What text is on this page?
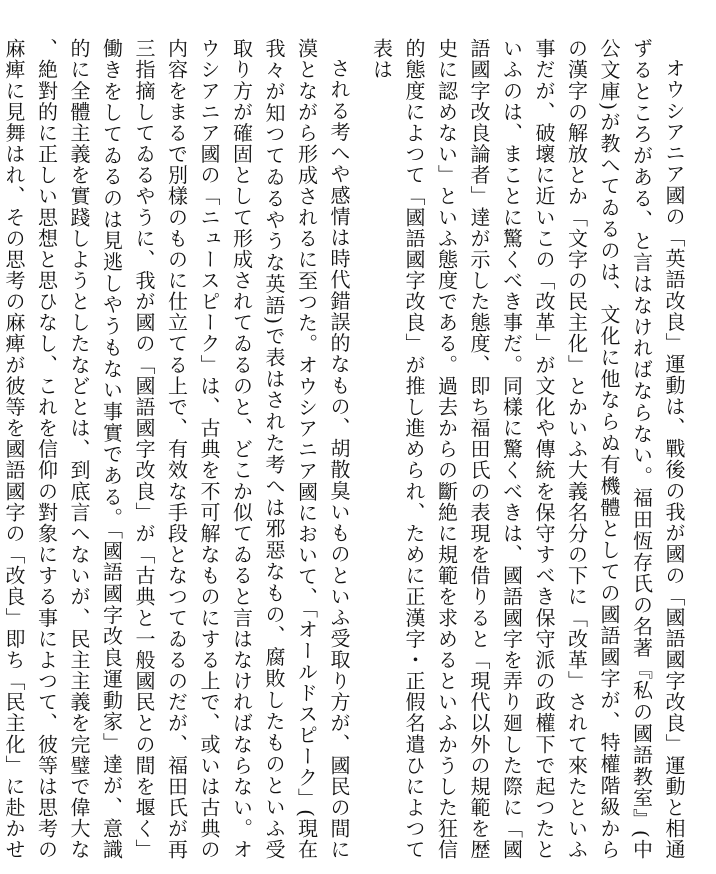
オウシアニア國の「英語改良」運動は、戰後の我が國の「國語國字改良」運動と相通ずるところがある、と言はなければならない。福田恆存氏の名著『私の國語教室』(中公文庫)が教へてゐるのは、文化に他ならぬ有機體としての國語國字が、特權階級からの漢字の解放とか「文字の民主化」とかいふ大義名分の下に「改革」されて來たといふ事だが、破壞に近いこの「改革」が文化や傳統を保守すべき保守派の政權下で起つたといふのは、まことに驚くべき事だ。同樣に驚くべきは、國語國字を弄り廻した際に「國語國字改良論者」達が示した態度、即ち福田氏の表現を借りると「現代以外の規範を歴史に認めない」といふ態度である。過去からの斷絶に規範を求めるといふかうした狂信的態度によつて「國語國字改良」が推し進められ、ために正漢字・正假名遣ひによつて表は

される考へや感情は時代錯誤的なもの、胡散臭いものといふ受取り方が、國民の間に漠とながら形成されるに至つた。オウシアニア國において、「オールドスピーク」(現在我々が知つてゐるやうな英語)で表はされた考へは邪惡なもの、腐敗したものといふ受取り方が確固として形成されてゐるのと、どこか似てゐると言はなければならない。オウシアニア國の「ニュースピーク」は、古典を不可解なものにする上で、或いは古典の内容をまるで別樣のものに仕立てる上で、有效な手段となつてゐるのだが、福田氏が再三指摘してゐるやうに、我が國の「國語國字改良」が「古典と一般國民との間を堰く」働きをしてゐるのは見逃しやうもない事實である。「國語國字改良運動家」達が、意識的に全體主義を實踐しようとしたなどとは、到底言へないが、民主主義を完璧で偉大な、絶對的に正しい思想と思ひなし、これを信仰の對象にする事によつて、彼等は思考の麻痺に見舞はれ、その思考の麻痺が彼等を國語國字の「改良」即ち「民主化」に赴かせ
